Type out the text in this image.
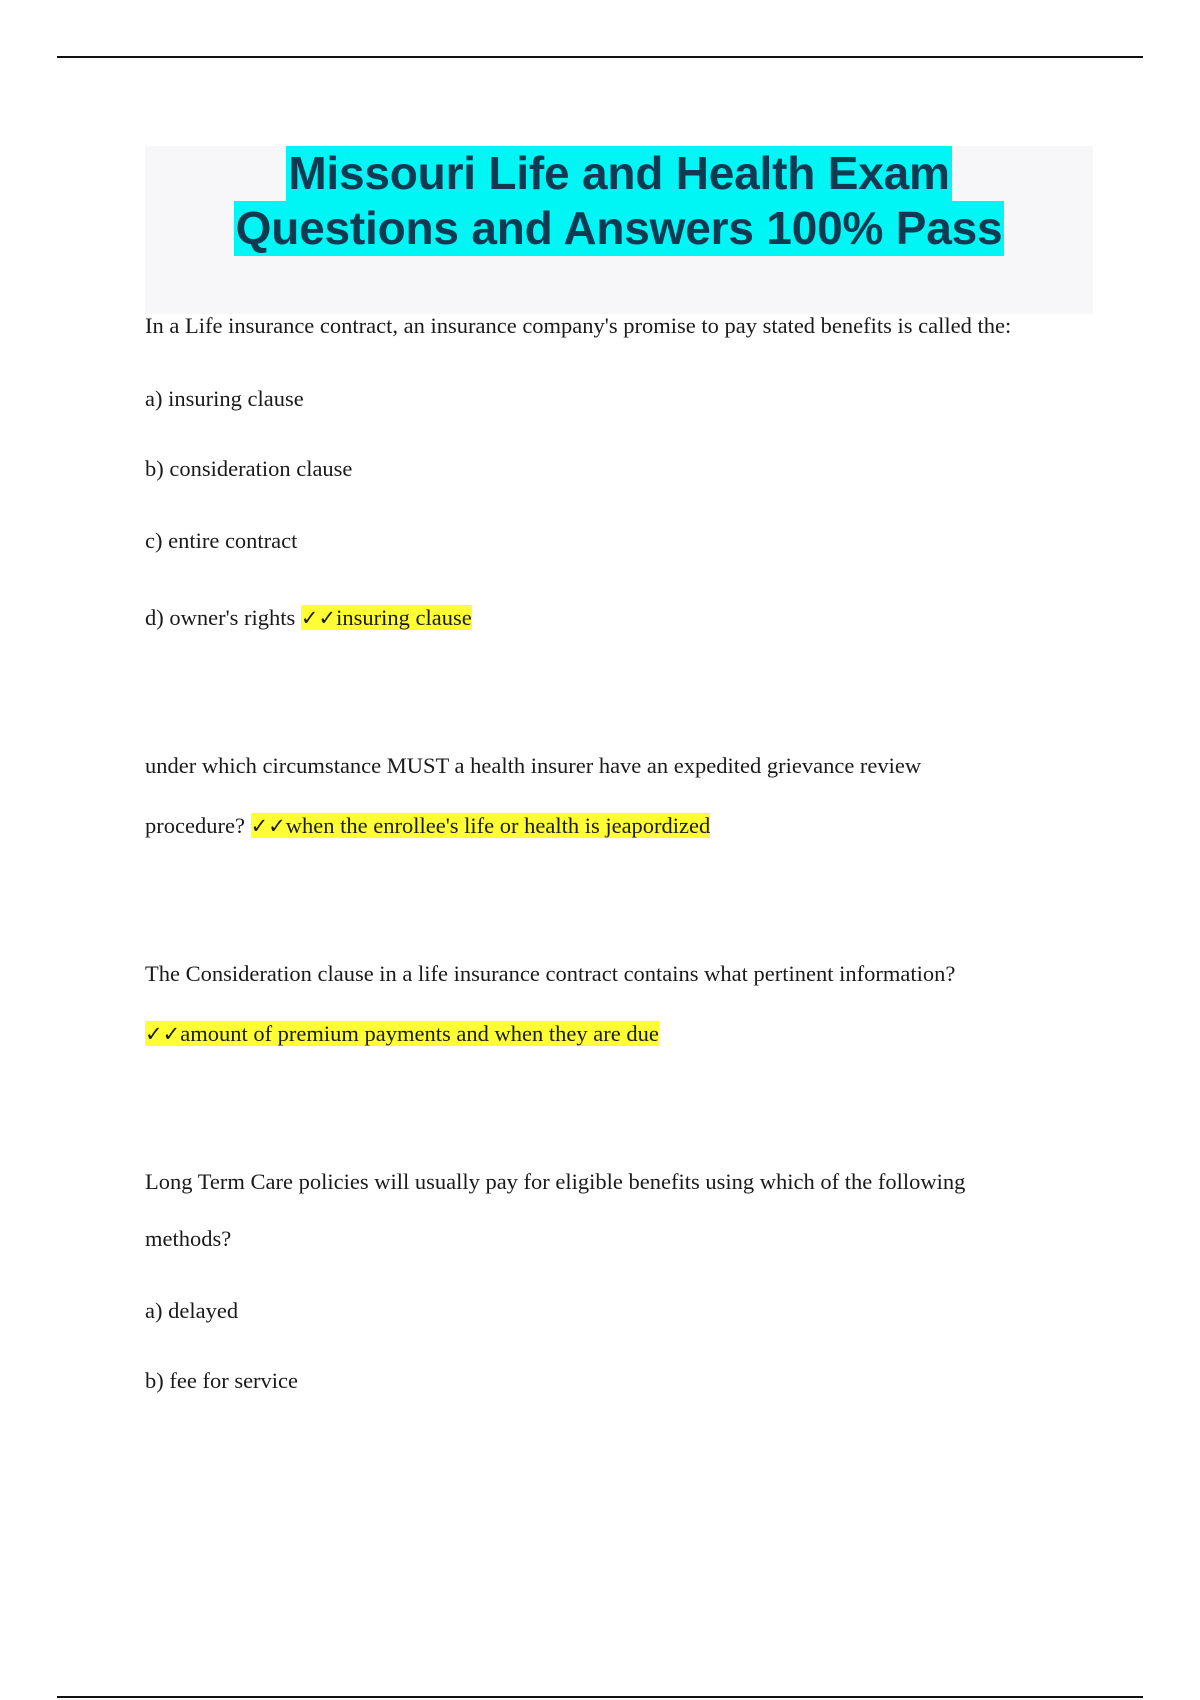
Missouri Life and Health Exam
Questions and Answers 100% Pass
In a Life insurance contract, an insurance company's promise to pay stated benefits is called the:
a) insuring clause
b) consideration clause
c) entire contract
d) owner's rights ✓✓insuring clause
under which circumstance MUST a health insurer have an expedited grievance review
procedure? ✓✓when the enrollee's life or health is jeapordized
The Consideration clause in a life insurance contract contains what pertinent information?
✓✓amount of premium payments and when they are due
Long Term Care policies will usually pay for eligible benefits using which of the following
methods?
a) delayed
b) fee for service
